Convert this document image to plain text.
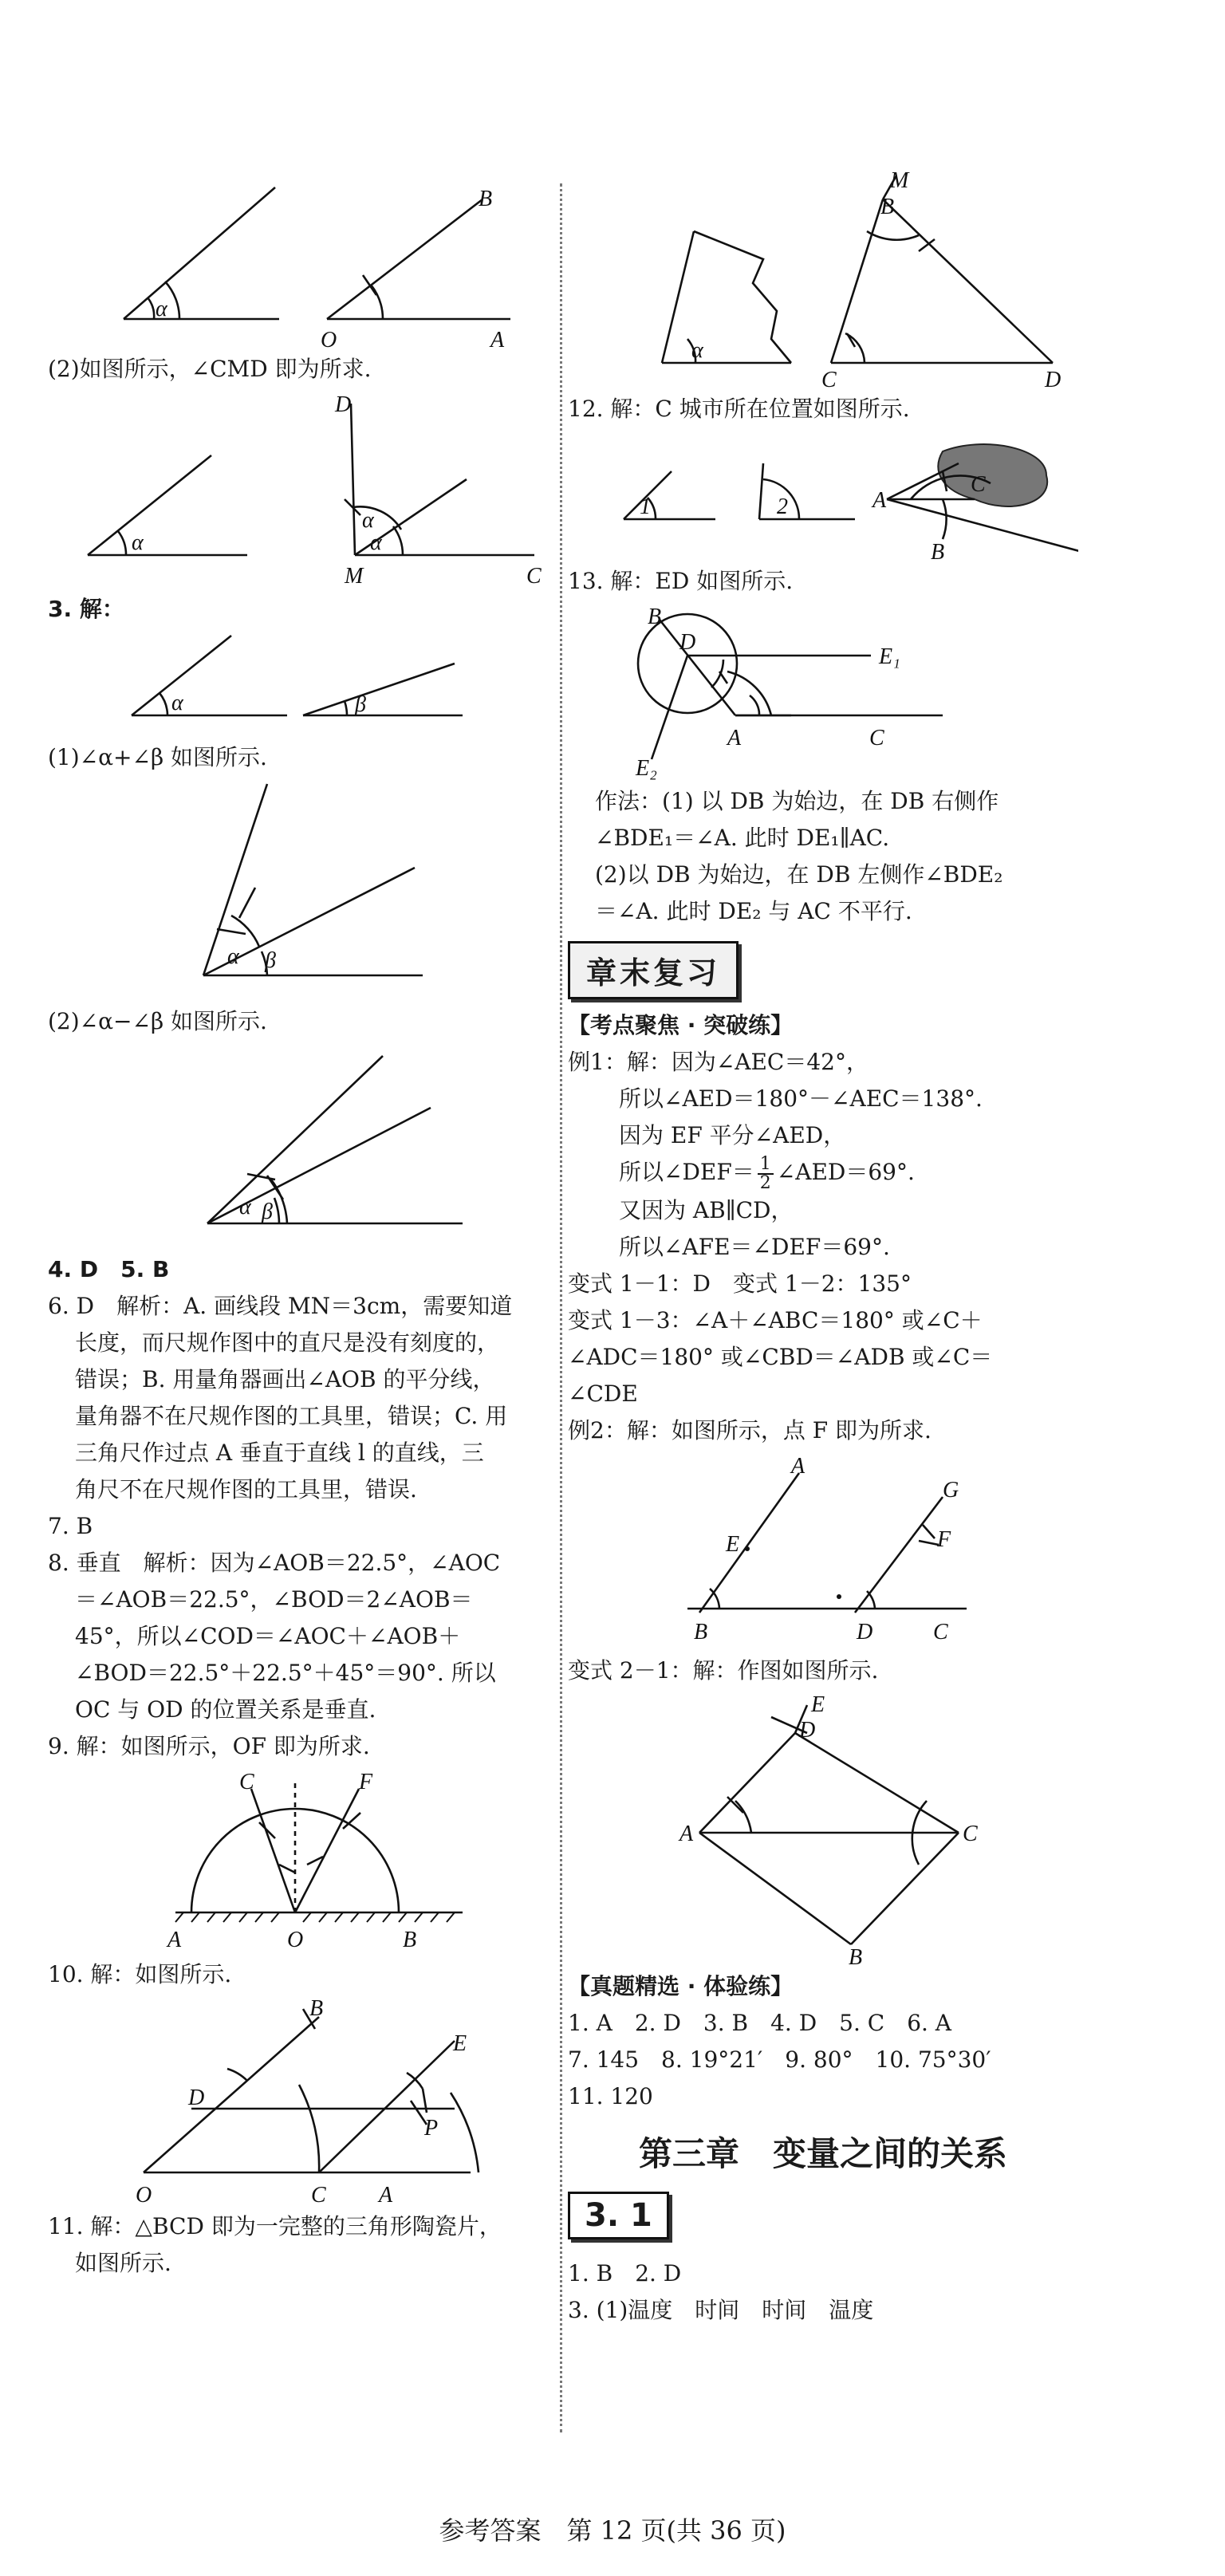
α
O	A
B
(2)如图所示，∠CMD 即为所求.
α	α
α
D
M	C
3. 解：
α	β
(1)∠α+∠β 如图所示.
α β
(2)∠α−∠β 如图所示.
α β
4. D　5. B
6. D　解析：A. 画线段 MN＝3cm，需要知道
长度，而尺规作图中的直尺是没有刻度的，
错误；B. 用量角器画出∠AOB 的平分线，
量角器不在尺规作图的工具里，错误；C. 用
三角尺作过点 A 垂直于直线 l 的直线，三
角尺不在尺规作图的工具里，错误.
7. B
8. 垂直　解析：因为∠AOB＝22.5°，∠AOC
＝∠AOB＝22.5°，∠BOD＝2∠AOB＝
45°，所以∠COD＝∠AOC＋∠AOB＋
∠BOD＝22.5°＋22.5°＋45°＝90°. 所以
OC 与 OD 的位置关系是垂直.
9. 解：如图所示，OF 即为所求.
C	F
A	O	B
10. 解：如图所示.
D
B
E
P
O	C A
11. 解：△BCD 即为一完整的三角形陶瓷片，
如图所示.
α
M
B
C	D
12. 解：C 城市所在位置如图所示.
1	2	A
B
C
13. 解：ED 如图所示.
B
D
E₁
E₂
A	C
作法：(1) 以 DB 为始边，在 DB 右侧作
∠BDE₁＝∠A. 此时 DE₁∥AC.
(2)以 DB 为始边，在 DB 左侧作∠BDE₂
＝∠A. 此时 DE₂ 与 AC 不平行.
章末复习
【考点聚焦 · 突破练】
例1：解：因为∠AEC＝42°，
所以∠AED＝180°－∠AEC＝138°.
因为 EF 平分∠AED，
所以∠DEF＝ $\frac{1}{2}$ ∠AED＝69°.
又因为 AB∥CD，
所以∠AFE＝∠DEF＝69°.
变式 1－1：D　变式 1－2：135°
变式 1－3：∠A＋∠ABC＝180° 或∠C＋
∠ADC＝180° 或∠CBD＝∠ADB 或∠C＝
∠CDE
例2：解：如图所示，点 F 即为所求.
A
E
G
F
B	D	C
变式 2－1：解：作图如图所示.
E
D
A	C
B
【真题精选 · 体验练】
1. A　2. D　3. B　4. D　5. C　6. A
7. 145　8. 19°21′　9. 80°　10. 75°30′
11. 120
第三章　变量之间的关系
3. 1
1. B　2. D
3. (1)温度　时间　时间　温度
参考答案　第 12 页(共 36 页)
